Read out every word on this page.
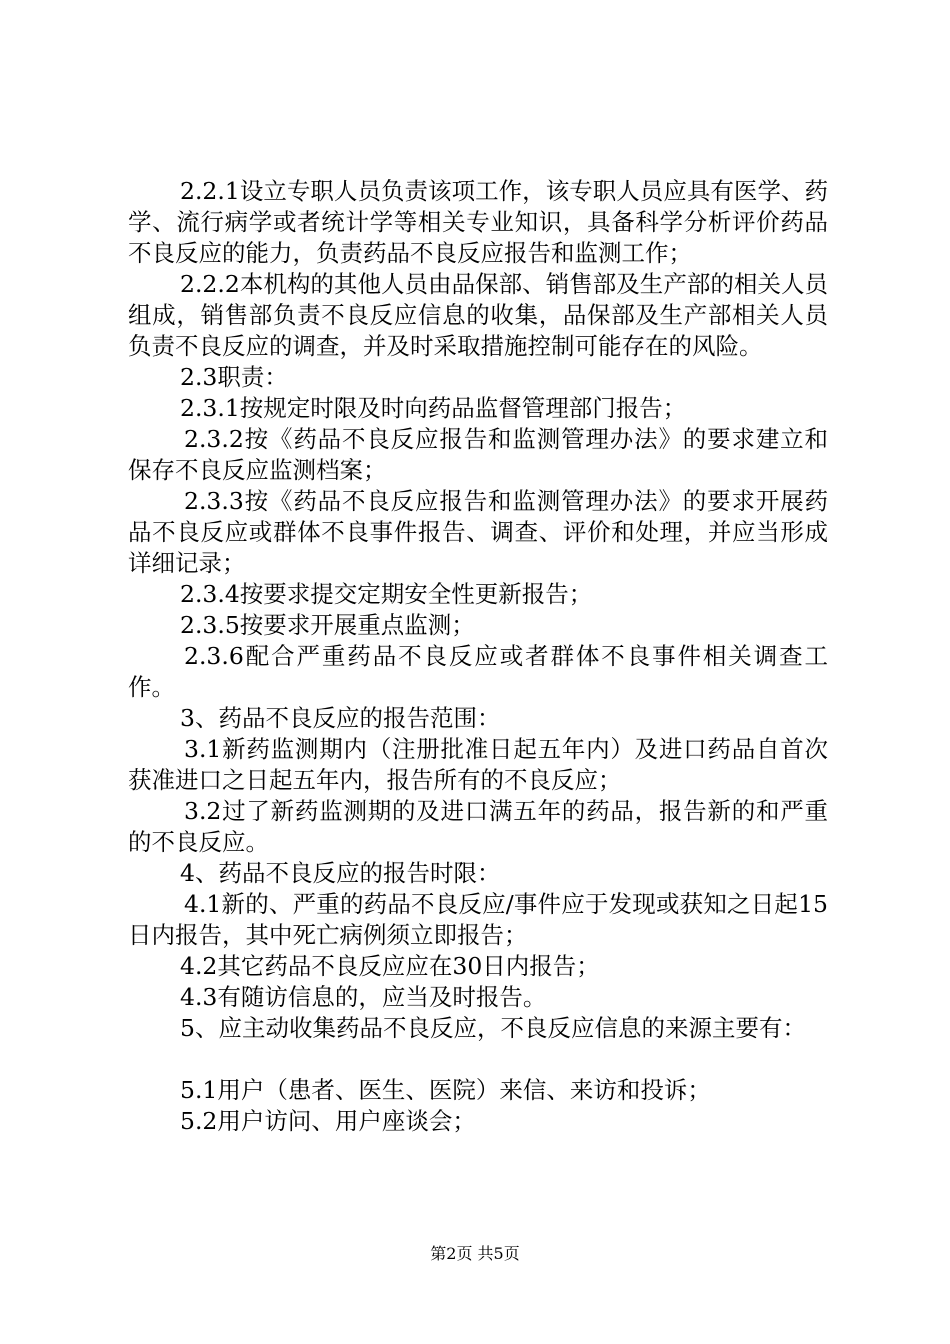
2.2.1设立专职人员负责该项工作，该专职人员应具有医学、药学、流行病学或者统计学等相关专业知识，具备科学分析评价药品不良反应的能力，负责药品不良反应报告和监测工作；

2.2.2本机构的其他人员由品保部、销售部及生产部的相关人员组成，销售部负责不良反应信息的收集，品保部及生产部相关人员负责不良反应的调查，并及时采取措施控制可能存在的风险。

2.3职责：

2.3.1按规定时限及时向药品监督管理部门报告；

2.3.2按《药品不良反应报告和监测管理办法》的要求建立和保存不良反应监测档案；

2.3.3按《药品不良反应报告和监测管理办法》的要求开展药品不良反应或群体不良事件报告、调查、评价和处理，并应当形成详细记录；

2.3.4按要求提交定期安全性更新报告；

2.3.5按要求开展重点监测；

2.3.6配合严重药品不良反应或者群体不良事件相关调查工作。

3、药品不良反应的报告范围：

3.1新药监测期内（注册批准日起五年内）及进口药品自首次获准进口之日起五年内，报告所有的不良反应；

3.2过了新药监测期的及进口满五年的药品，报告新的和严重的不良反应。

4、药品不良反应的报告时限：

4.1新的、严重的药品不良反应/事件应于发现或获知之日起15日内报告，其中死亡病例须立即报告；

4.2其它药品不良反应应在30日内报告；

4.3有随访信息的，应当及时报告。

5、应主动收集药品不良反应，不良反应信息的来源主要有：

5.1用户（患者、医生、医院）来信、来访和投诉；

5.2用户访问、用户座谈会；

第2页 共5页
